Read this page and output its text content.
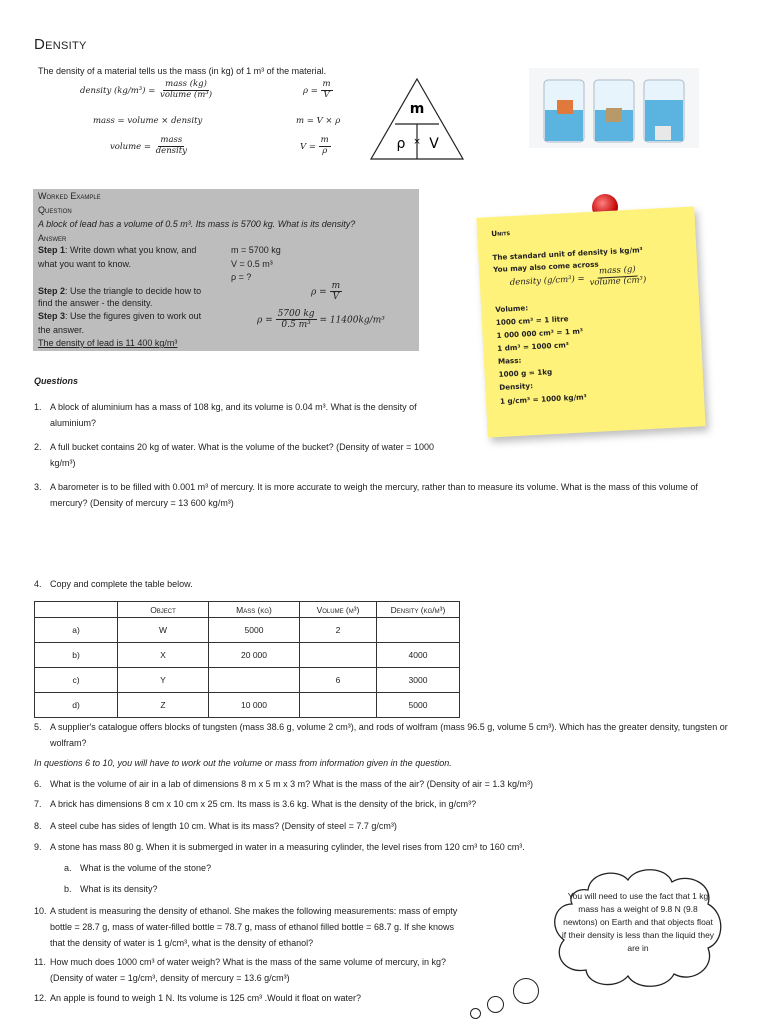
Density
The density of a material tells us the mass (in kg) of 1 m³ of the material.
density $(kg/m^3) = \frac{\text{mass (kg)}}{\text{volume (m³)}}$	$\rho = \frac{m}{V}$
mass = volume × density	m = V × ρ
volume = $\frac{\text{mass}}{\text{density}}$	$V = \frac{m}{\rho}$
m
ρ × V
Worked Example
Question
A block of lead has a volume of 0.5 m³. Its mass is 5700 kg. What is its density?
Answer
Step 1: Write down what you know, and
what you want to know.
m = 5700 kg
V = 0.5 m³
ρ = ?
Step 2: Use the triangle to decide how to
find the answer - the density.
$\rho = \frac{m}{V}$
Step 3: Use the figures given to work out
the answer.
$\rho = \frac{5700 kg}{\text{0.5 m³}} = 11400kg/m^3$
The density of lead is 11 400 kg/m³
Units
The standard unit of density is kg/m³
You may also come across
density $(g/cm^3) = \frac{\text{mass (g)}}{\text{volume (cm³)}}$
Volume:
1000 cm³ = 1 litre
1 000 000 cm³ = 1 m³
1 dm³ = 1000 cm³
Mass:
1000 g = 1kg
Density:
1 g/cm³ = 1000 kg/m³
Questions
1. A block of aluminium has a mass of 108 kg, and its volume is 0.04 m³. What is the density of aluminium?
2. A full bucket contains 20 kg of water. What is the volume of the bucket? (Density of water = 1000 kg/m³)
3. A barometer is to be filled with 0.001 m³ of mercury. It is more accurate to weigh the mercury, rather than to measure its volume. What is the mass of this volume of mercury? (Density of mercury = 13 600 kg/m³)
4. Copy and complete the table below.
	Object	Mass (kg)	Volume (m³)	Density (kg/m³)
a)	W	5000	2	
b)	X	20 000		4000
c)	Y		6	3000
d)	Z	10 000		5000
5. A supplier's catalogue offers blocks of tungsten (mass 38.6 g, volume 2 cm³), and rods of wolfram (mass 96.5 g, volume 5 cm³). Which has the greater density, tungsten or wolfram?
In questions 6 to 10, you will have to work out the volume or mass from information given in the question.
6. What is the volume of air in a lab of dimensions 8 m x 5 m x 3 m? What is the mass of the air? (Density of air = 1.3 kg/m³)
7. A brick has dimensions 8 cm x 10 cm x 25 cm. Its mass is 3.6 kg. What is the density of the brick, in g/cm³?
8. A steel cube has sides of length 10 cm. What is its mass? (Density of steel = 7.7 g/cm³)
9. A stone has mass 80 g. When it is submerged in water in a measuring cylinder, the level rises from 120 cm³ to 160 cm³.
a. What is the volume of the stone?
b. What is its density?
10. A student is measuring the density of ethanol. She makes the following measurements: mass of empty bottle = 28.7 g, mass of water-filled bottle = 78.7 g, mass of ethanol filled bottle = 68.7 g. If she knows that the density of water is 1 g/cm³, what is the density of ethanol?
11. How much does 1000 cm³ of water weigh? What is the mass of the same volume of mercury, in kg? (Density of water = 1g/cm³, density of mercury = 13.6 g/cm³)
12. An apple is found to weigh 1 N. Its volume is 125 cm³ .Would it float on water?
You will need to use the fact that 1 kg mass has a weight of 9.8 N (9.8 newtons) on Earth and that objects float if their density is less than the liquid they are in
